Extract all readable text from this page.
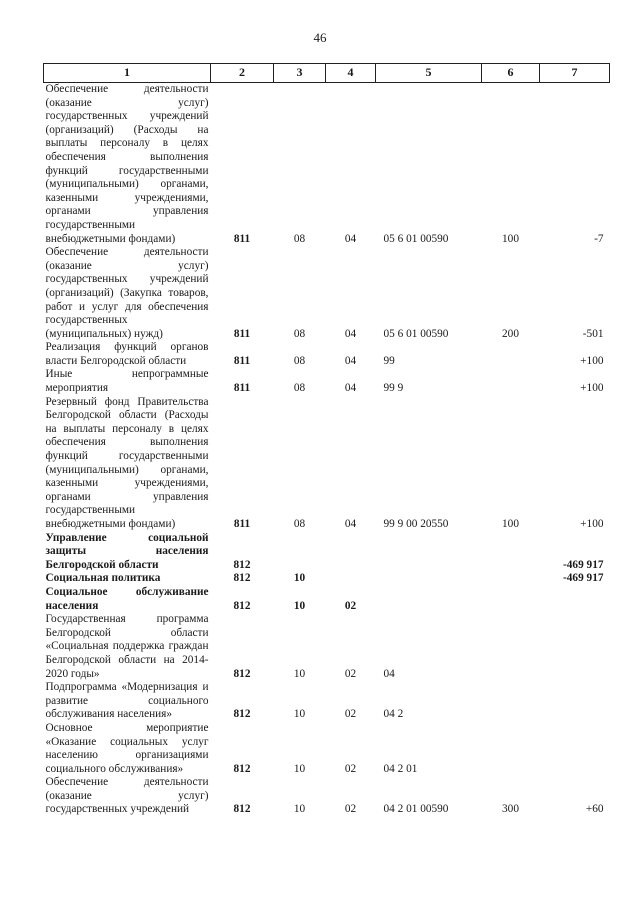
46
1	2	3	4	5	6	7
Обеспечение деятельности (оказание услуг) государственных учреждений (организаций) (Расходы на выплаты персоналу в целях обеспечения выполнения функций государственными (муниципальными) органами, казенными учреждениями, органами управления государственными внебюджетными фондами)	811	08	04	05 6 01 00590	100	-7
Обеспечение деятельности (оказание услуг) государственных учреждений (организаций) (Закупка товаров, работ и услуг для обеспечения государственных (муниципальных) нужд)	811	08	04	05 6 01 00590	200	-501
Реализация функций органов власти Белгородской области	811	08	04	99		+100
Иные непрограммные мероприятия	811	08	04	99 9		+100
Резервный фонд Правительства Белгородской области (Расходы на выплаты персоналу в целях обеспечения выполнения функций государственными (муниципальными) органами, казенными учреждениями, органами управления государственными внебюджетными фондами)	811	08	04	99 9 00 20550	100	+100
Управление социальной защиты населения Белгородской области	812					-469 917
Социальная политика	812	10				-469 917
Социальное обслуживание населения	812	10	02			
Государственная программа Белгородской области «Социальная поддержка граждан Белгородской области на 2014-2020 годы»	812	10	02	04		
Подпрограмма «Модернизация и развитие социального обслуживания населения»	812	10	02	04 2		
Основное мероприятие «Оказание социальных услуг населению организациями социального обслуживания»	812	10	02	04 2 01		
Обеспечение деятельности (оказание услуг) государственных учреждений	812	10	02	04 2 01 00590	300	+60
